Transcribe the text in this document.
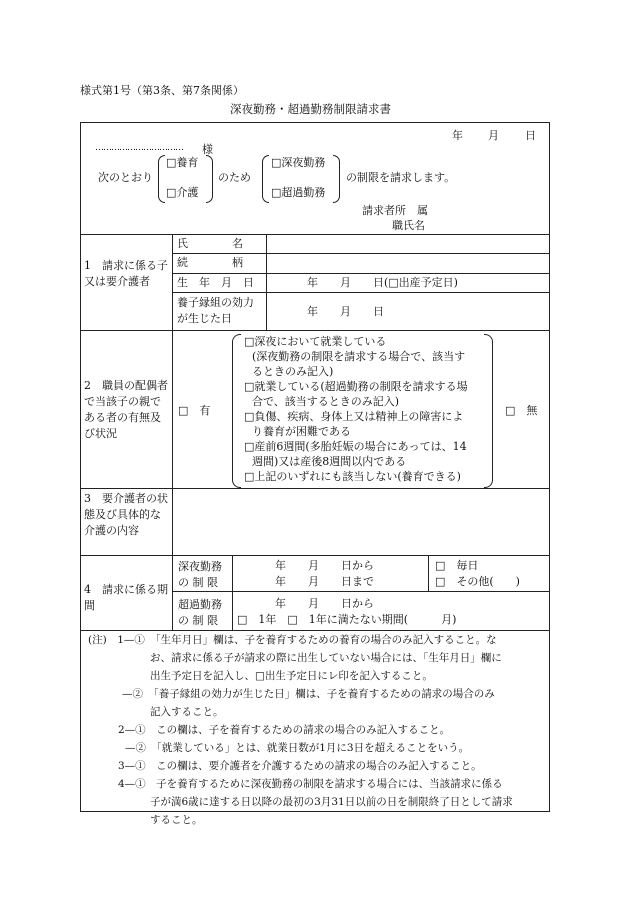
様式第1号（第3条、第7条関係）
深夜勤務・超過勤務制限請求書
年 月 日
…………………………… 様
次のとおり
□養育
□介護
のため
□深夜勤務
□超過勤務
の制限を請求します。
請求者所　属
職氏名
1　請求に係る子又は要介護者
氏　　　　名
続　　　　柄
生　年　月　日	年　　月　　日(□出産予定日)
養子縁組の効力が生じた日
年　　月　　日
2　職員の配偶者で当該子の親である者の有無及び状況
□　有
□深夜において就業している
(深夜勤務の制限を請求する場合で、該当す
るときのみ記入)
□就業している(超過勤務の制限を請求する場
合で、該当するときのみ記入)
□負傷、疾病、身体上又は精神上の障害によ
り養育が困難である
□産前6週間(多胎妊娠の場合にあっては、14
週間)又は産後8週間以内である
□上記のいずれにも該当しない(養育できる)
□　無
3　要介護者の状態及び具体的な介護の内容
4　請求に係る期間
深夜勤務の 制 限
年　　月　　日から
年　　月　　日まで
□　毎日
□　その他(　　)
超過勤務の 制 限
年　　月　　日から
□　1年　□　1年に満たない期間(　　　月)
(注)　1—①　「生年月日」欄は、子を養育するための養育の場合のみ記入すること。な
お、請求に係る子が請求の際に出生していない場合には、「生年月日」欄に
出生予定日を記入し、□出生予定日にレ印を記入すること。
—②　「養子縁組の効力が生じた日」欄は、子を養育するための請求の場合のみ
記入すること。
2—①　この欄は、子を養育するための請求の場合のみ記入すること。
—②　「就業している」とは、就業日数が1月に3日を超えることをいう。
3—①　この欄は、要介護者を介護するための請求の場合のみ記入すること。
4—①　子を養育するために深夜勤務の制限を請求する場合には、当該請求に係る
子が満6歳に達する日以降の最初の3月31日以前の日を制限終了日として請求
すること。
